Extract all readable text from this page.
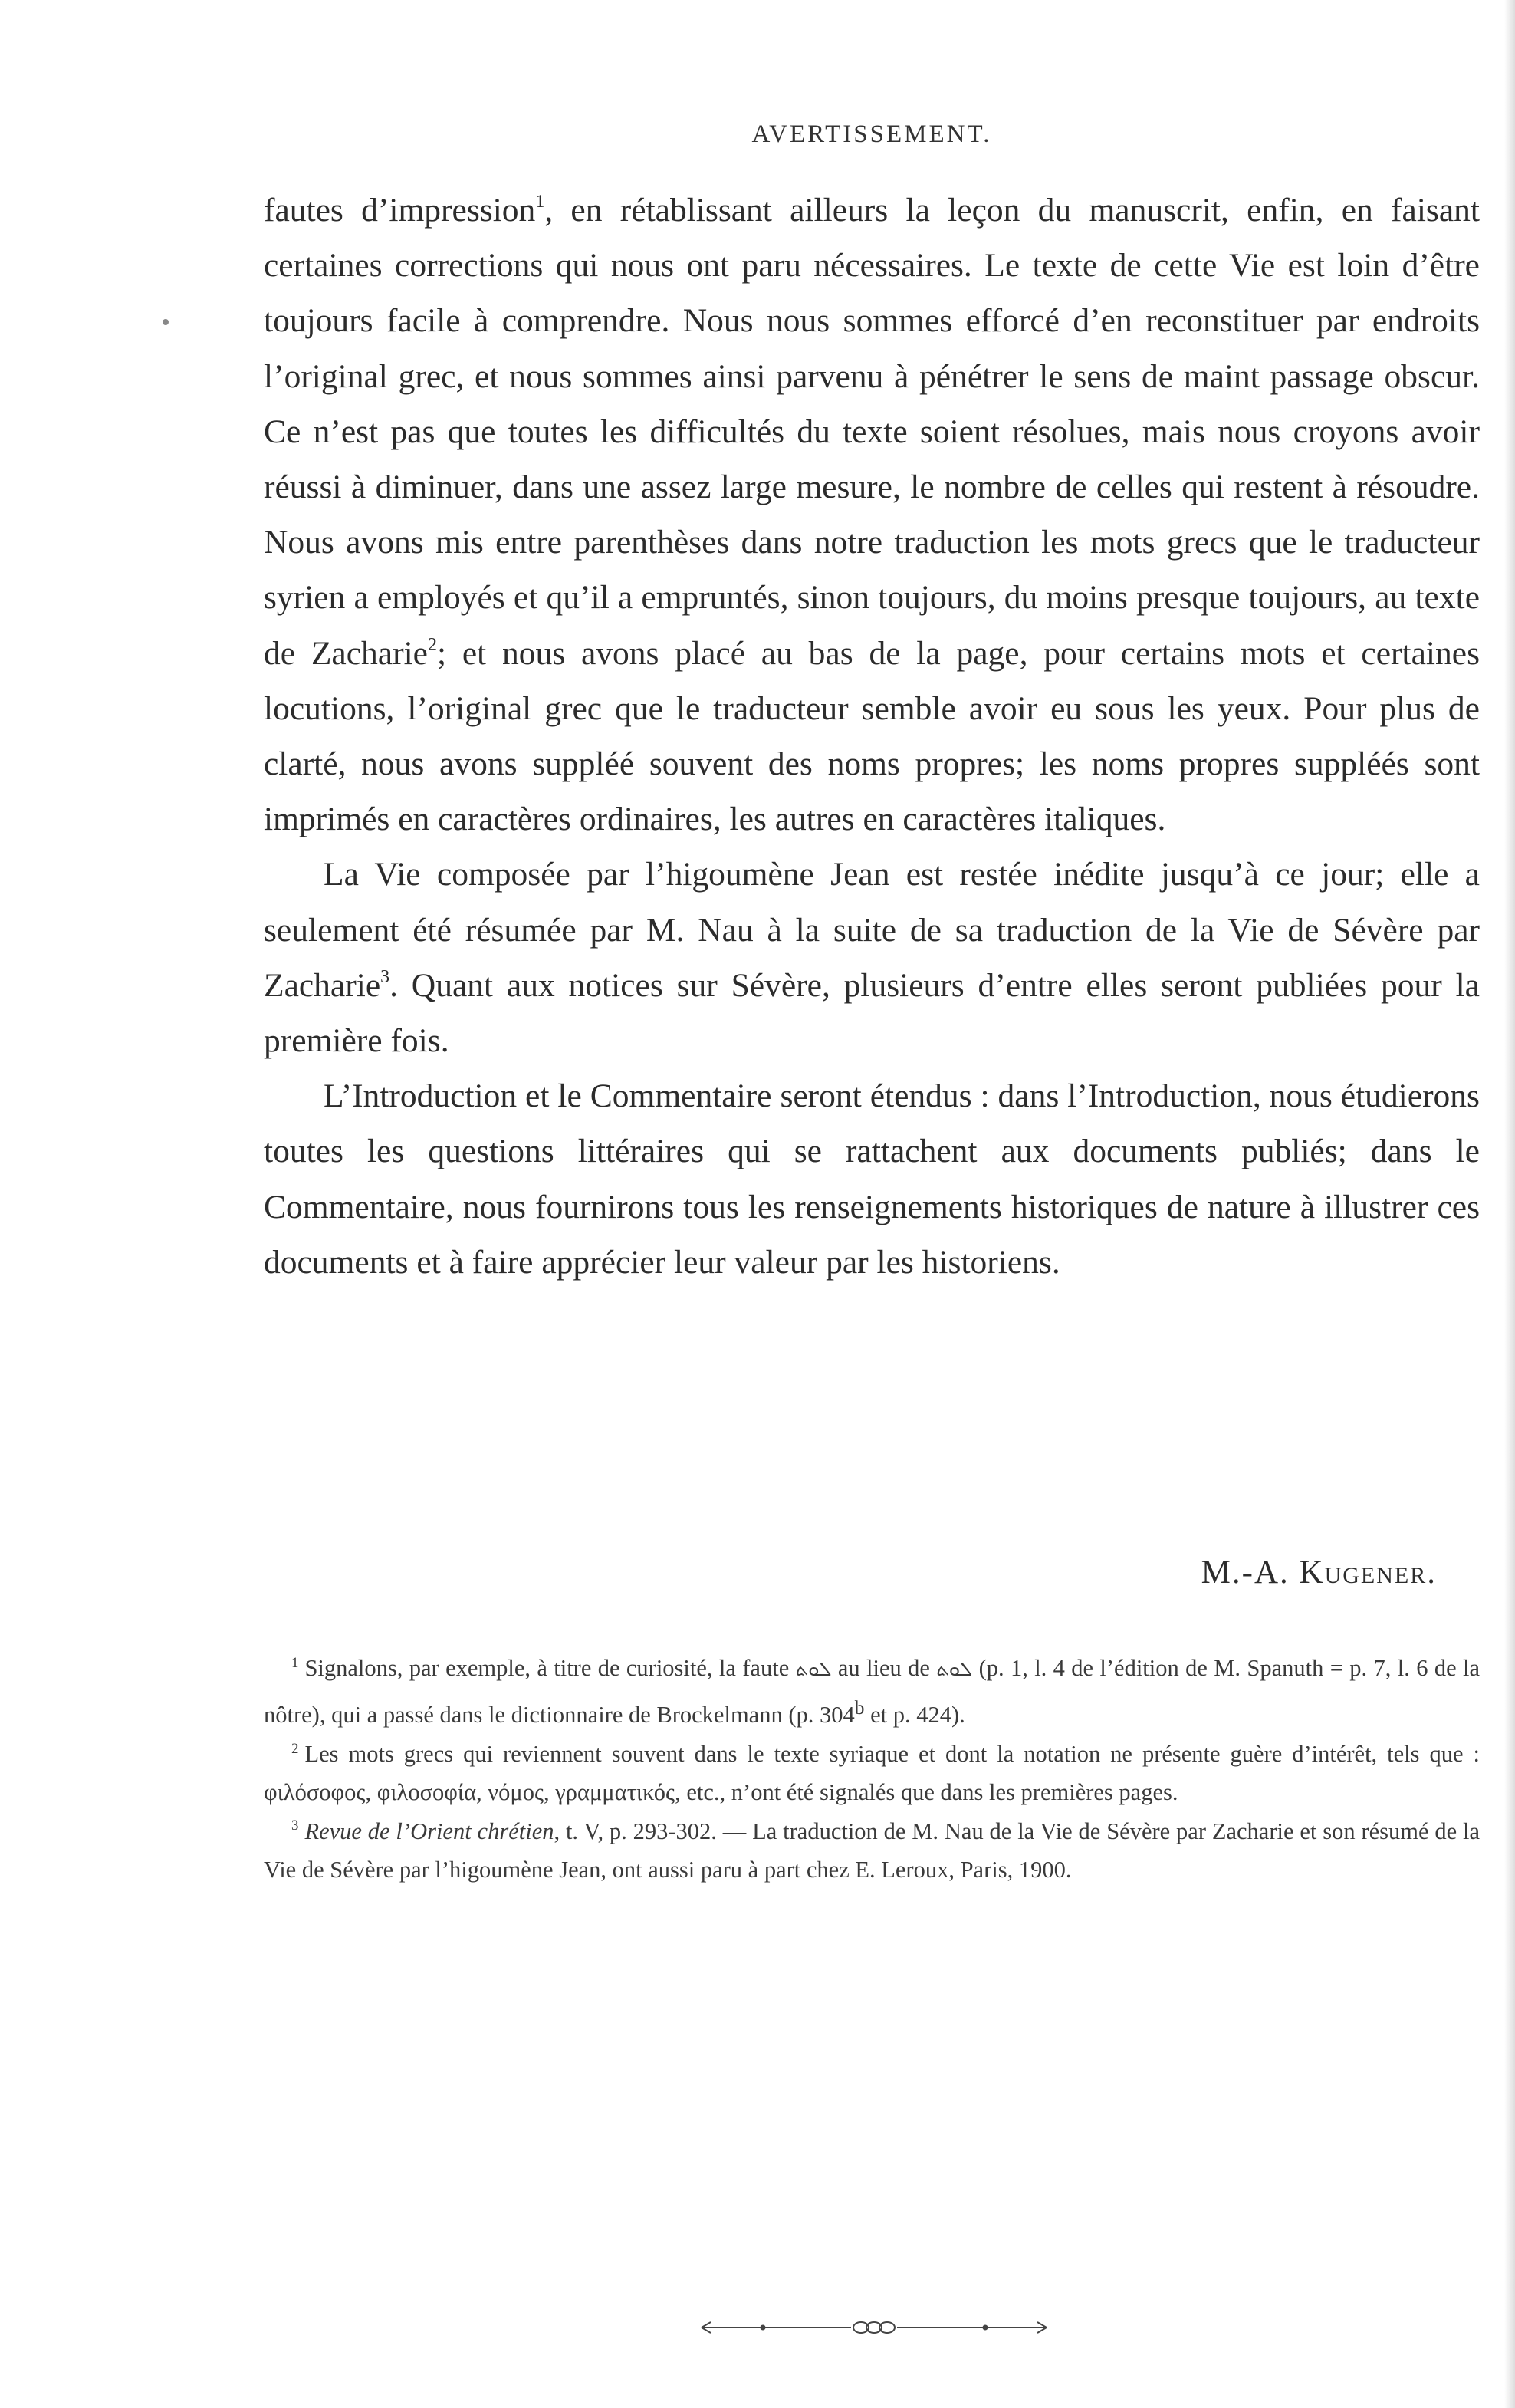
AVERTISSEMENT.

fautes d’impression$^1$, en rétablissant ailleurs la leçon du manuscrit, enfin, en faisant certaines corrections qui nous ont paru nécessaires. Le texte de cette Vie est loin d’être toujours facile à comprendre. Nous nous sommes efforcé d’en reconstituer par endroits l’original grec, et nous sommes ainsi parvenu à pénétrer le sens de maint passage obscur. Ce n’est pas que toutes les difficultés du texte soient résolues, mais nous croyons avoir réussi à diminuer, dans une assez large mesure, le nombre de celles qui restent à résoudre. Nous avons mis entre parenthèses dans notre traduction les mots grecs que le traducteur syrien a employés et qu’il a empruntés, sinon toujours, du moins presque toujours, au texte de Zacharie$^2$; et nous avons placé au bas de la page, pour certains mots et certaines locutions, l’original grec que le traducteur semble avoir eu sous les yeux. Pour plus de clarté, nous avons suppléé souvent des noms propres; les noms propres suppléés sont imprimés en caractères ordinaires, les autres en caractères italiques.

La Vie composée par l’higoumène Jean est restée inédite jusqu’à ce jour; elle a seulement été résumée par M. Nau à la suite de sa traduction de la Vie de Sévère par Zacharie$^3$. Quant aux notices sur Sévère, plusieurs d’entre elles seront publiées pour la première fois.

L’Introduction et le Commentaire seront étendus : dans l’Introduction, nous étudierons toutes les questions littéraires qui se rattachent aux documents publiés; dans le Commentaire, nous fournirons tous les renseignements historiques de nature à illustrer ces documents et à faire apprécier leur valeur par les historiens.

M.-A. Kugener.

$^1$ Signalons, par exemple, à titre de curiosité, la faute ܠܘܬ au lieu de ܠܘܬ (p. 1, l. 4 de l’édition de M. Spanuth = p. 7, l. 6 de la nôtre), qui a passé dans le dictionnaire de Brockelmann (p. 304$^b$ et p. 424).

$^2$ Les mots grecs qui reviennent souvent dans le texte syriaque et dont la notation ne présente guère d’intérêt, tels que : φιλόσοφος, φιλοσοφία, νόμος, γραμματικός, etc., n’ont été signalés que dans les premières pages.

$^3$ Revue de l’Orient chrétien, t. V, p. 293-302. — La traduction de M. Nau de la Vie de Sévère par Zacharie et son résumé de la Vie de Sévère par l’higoumène Jean, ont aussi paru à part chez E. Leroux, Paris, 1900.
